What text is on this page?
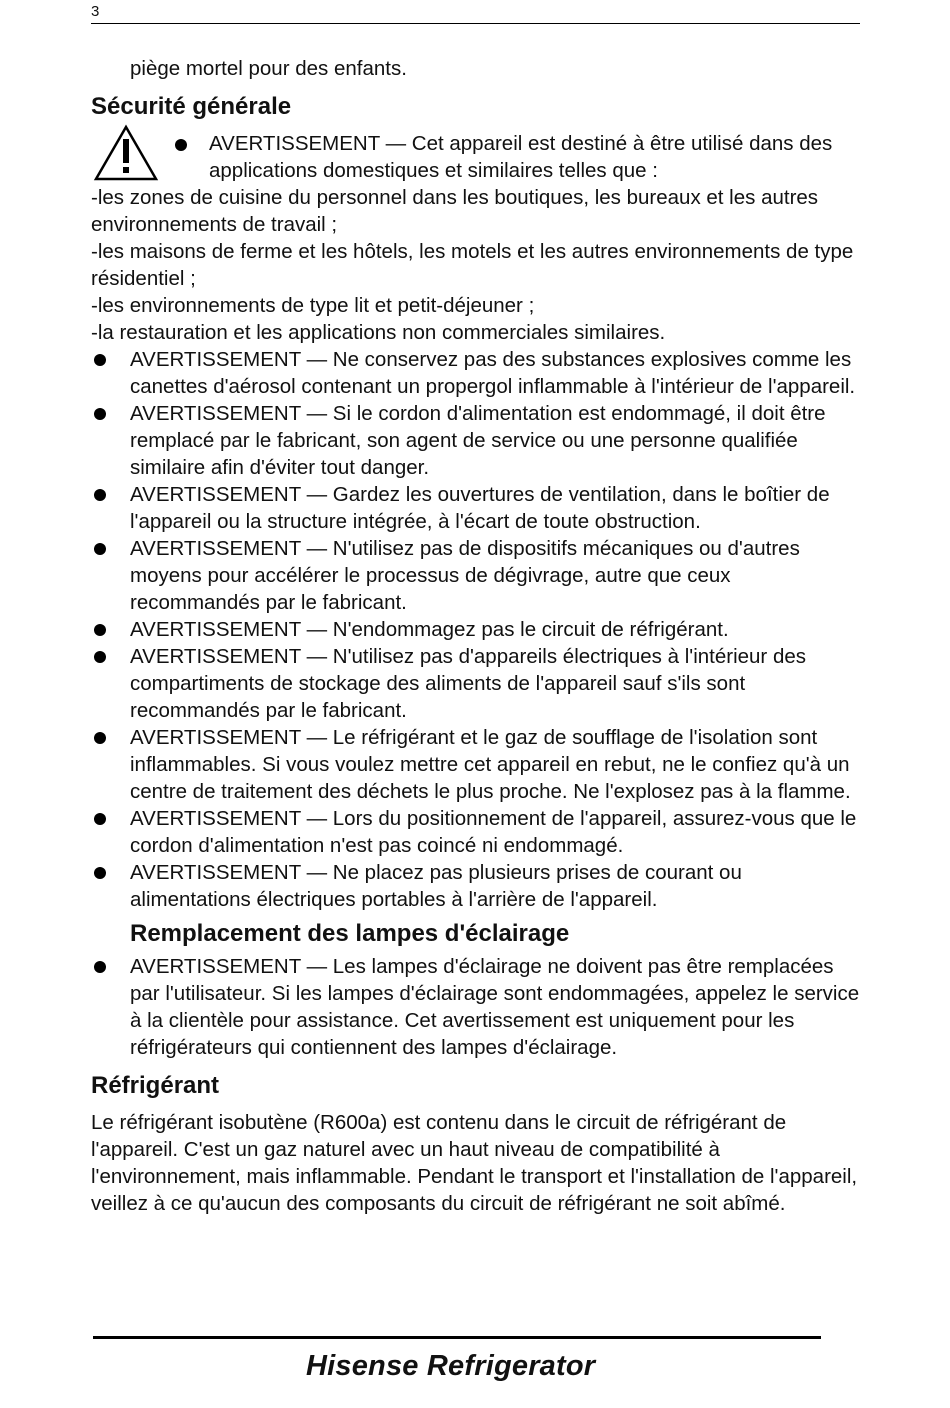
3

piège mortel pour des enfants.

Sécurité générale
AVERTISSEMENT — Cet appareil est destiné à être utilisé dans des applications domestiques et similaires telles que :

-les zones de cuisine du personnel dans les boutiques, les bureaux et les autres environnements de travail ;

-les maisons de ferme et les hôtels, les motels et les autres environnements de type résidentiel ;

-les environnements de type lit et petit-déjeuner ;

-la restauration et les applications non commerciales similaires.

AVERTISSEMENT — Ne conservez pas des substances explosives comme les canettes d'aérosol contenant un propergol inflammable à l'intérieur de l'appareil.
AVERTISSEMENT — Si le cordon d'alimentation est endommagé, il doit être remplacé par le fabricant, son agent de service ou une personne qualifiée similaire afin d'éviter tout danger.
AVERTISSEMENT — Gardez les ouvertures de ventilation, dans le boîtier de l'appareil ou la structure intégrée, à l'écart de toute obstruction.
AVERTISSEMENT — N'utilisez pas de dispositifs mécaniques ou d'autres moyens pour accélérer le processus de dégivrage, autre que ceux recommandés par le fabricant.
AVERTISSEMENT — N'endommagez pas le circuit de réfrigérant.
AVERTISSEMENT — N'utilisez pas d'appareils électriques à l'intérieur des compartiments de stockage des aliments de l'appareil sauf s'ils sont recommandés par le fabricant.
AVERTISSEMENT — Le réfrigérant et le gaz de soufflage de l'isolation sont inflammables. Si vous voulez mettre cet appareil en rebut, ne le confiez qu'à un centre de traitement des déchets le plus proche. Ne l'explosez pas à la flamme.
AVERTISSEMENT — Lors du positionnement de l'appareil, assurez-vous que le cordon d'alimentation n'est pas coincé ni endommagé.
AVERTISSEMENT — Ne placez pas plusieurs prises de courant ou alimentations électriques portables à l'arrière de l'appareil.
Remplacement des lampes d'éclairage
AVERTISSEMENT — Les lampes d'éclairage ne doivent pas être remplacées par l'utilisateur. Si les lampes d'éclairage sont endommagées, appelez le service à la clientèle pour assistance. Cet avertissement est uniquement pour les réfrigérateurs qui contiennent des lampes d'éclairage.
Réfrigérant

Le réfrigérant isobutène (R600a) est contenu dans le circuit de réfrigérant de l'appareil. C'est un gaz naturel avec un haut niveau de compatibilité à l'environnement, mais inflammable. Pendant le transport et l'installation de l'appareil, veillez à ce qu'aucun des composants du circuit de réfrigérant ne soit abîmé.

Hisense Refrigerator
